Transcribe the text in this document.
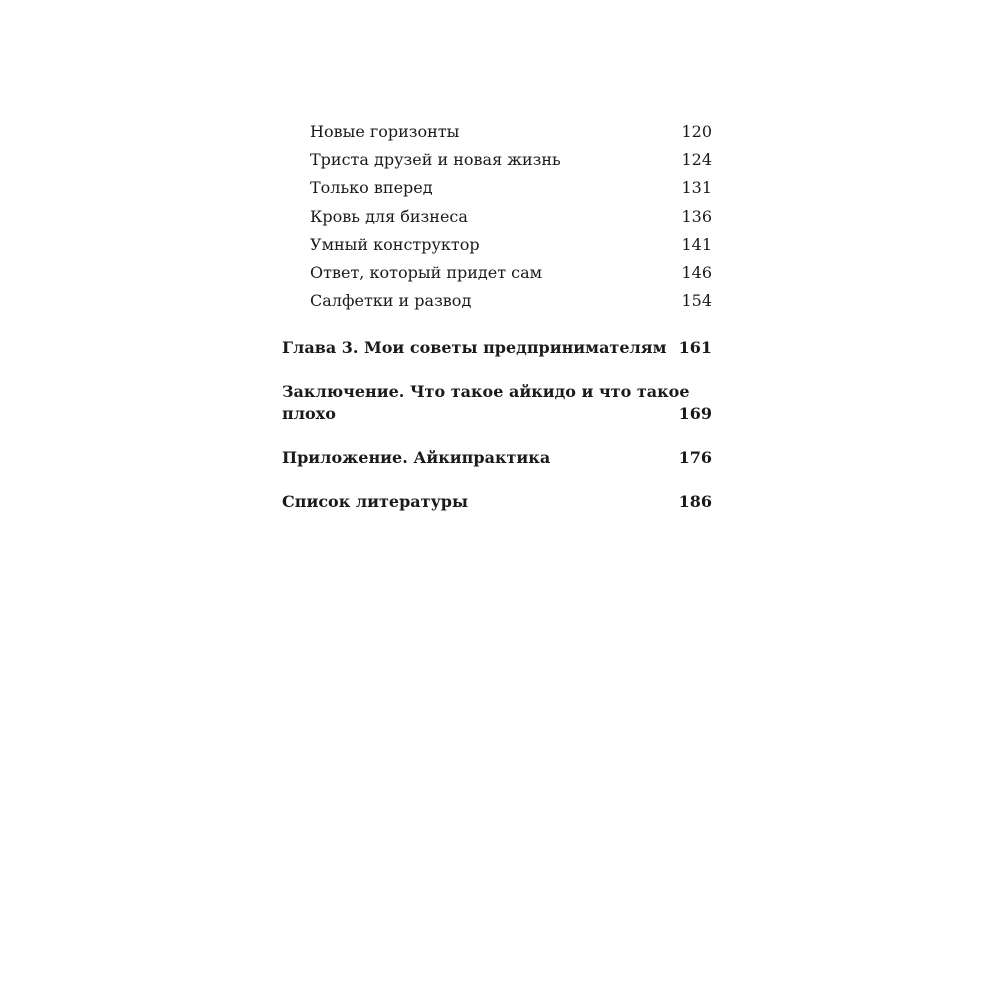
Новые горизонты	120
Триста друзей и новая жизнь	124
Только вперед	131
Кровь для бизнеса	136
Умный конструктор	141
Ответ, который придет сам	146
Салфетки и развод	154
Глава 3. Мои советы предпринимателям 161
Заключение. Что такое айкидо и что такое
плохо	169
Приложение. Айкипрактика	176
Список литературы	186
